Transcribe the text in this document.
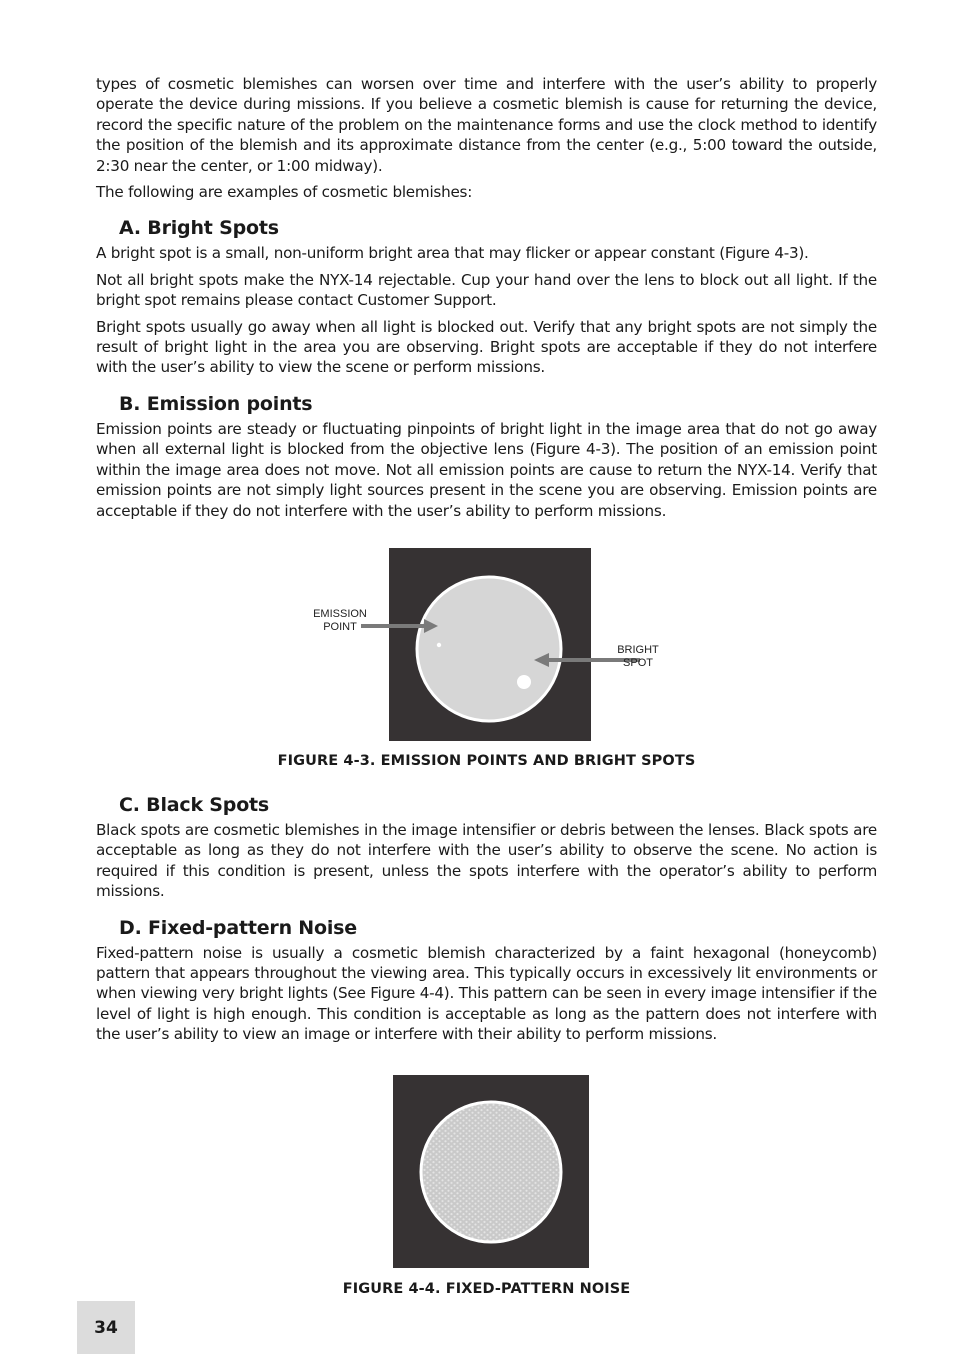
types of cosmetic blemishes can worsen over time and interfere with the user’s ability to properly operate the device during missions. If you believe a cosmetic blemish is cause for returning the device, record the specific nature of the problem on the maintenance forms and use the clock method to identify the position of the blemish and its approximate distance from the center (e.g., 5:00 toward the outside, 2:30 near the center, or 1:00 midway).

The following are examples of cosmetic blemishes:

A. Bright Spots

A bright spot is a small, non-uniform bright area that may flicker or appear constant (Figure 4-3).

Not all bright spots make the NYX-14 rejectable. Cup your hand over the lens to block out all light. If the bright spot remains please contact Customer Support.

Bright spots usually go away when all light is blocked out. Verify that any bright spots are not simply the result of bright light in the area you are observing. Bright spots are acceptable if they do not interfere with the user’s ability to view the scene or perform missions.

B. Emission points

Emission points are steady or fluctuating pinpoints of bright light in the image area that do not go away when all external light is blocked from the objective lens (Figure 4-3). The position of an emission point within the image area does not move. Not all emission points are cause to return the NYX-14. Verify that emission points are not simply light sources present in the scene you are observing. Emission points are acceptable if they do not interfere with the user’s ability to perform missions.

EMISSION
POINT
BRIGHT
SPOT
FIGURE 4-3. EMISSION POINTS AND BRIGHT SPOTS
C. Black Spots

Black spots are cosmetic blemishes in the image intensifier or debris between the lenses. Black spots are acceptable as long as they do not interfere with the user’s ability to observe the scene. No action is required if this condition is present, unless the spots interfere with the operator’s ability to perform missions.

D. Fixed-pattern Noise

Fixed-pattern noise is usually a cosmetic blemish characterized by a faint hexagonal (honeycomb) pattern that appears throughout the viewing area. This typically occurs in excessively lit environments or when viewing very bright lights (See Figure 4-4). This pattern can be seen in every image intensifier if the level of light is high enough. This condition is acceptable as long as the pattern does not interfere with the user’s ability to view an image or interfere with their ability to perform missions.

FIGURE 4-4. FIXED-PATTERN NOISE
34
